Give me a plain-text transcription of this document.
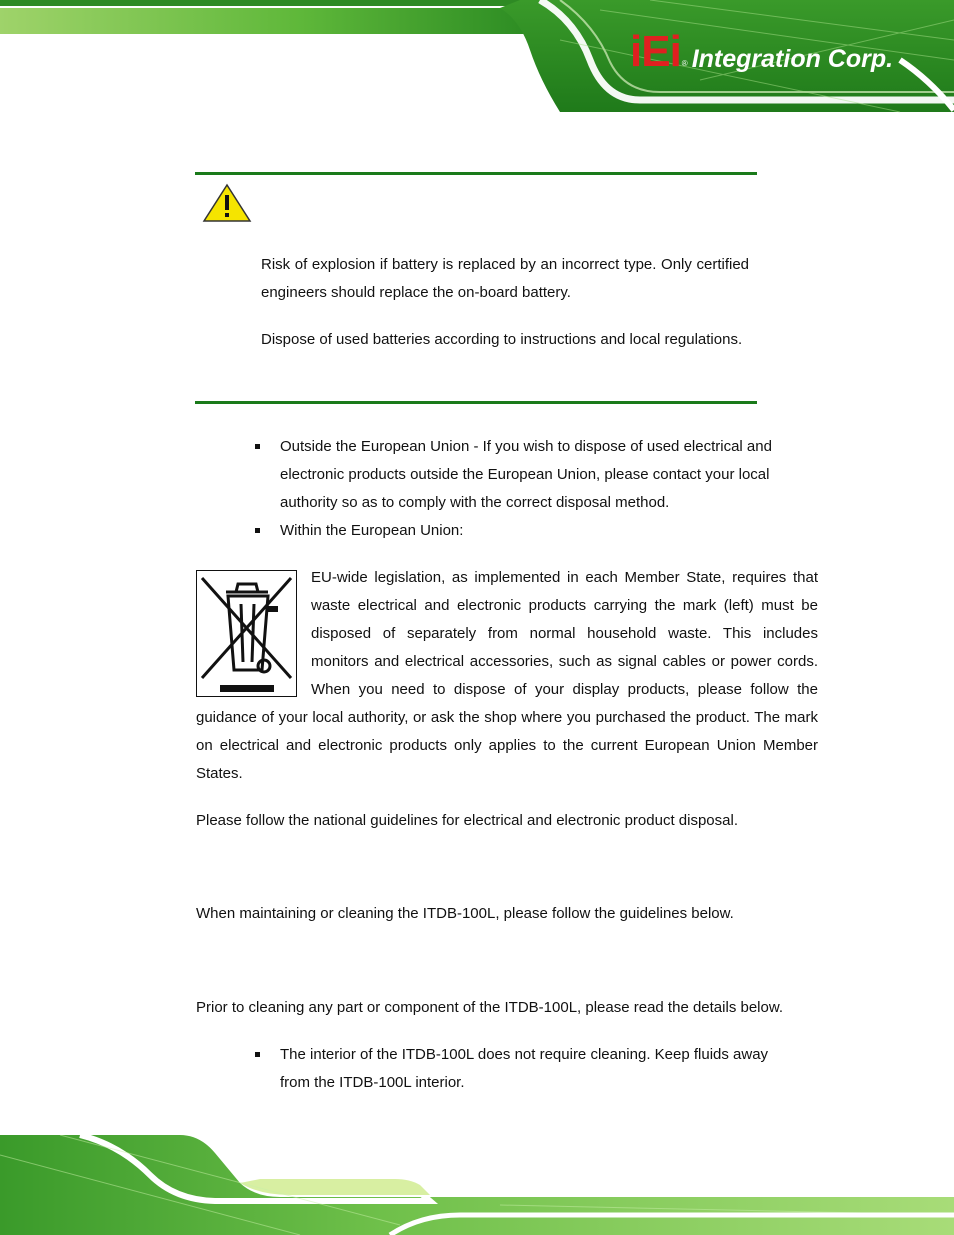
iEi ® Integration Corp.

Risk of explosion if battery is replaced by an incorrect type. Only certified engineers should replace the on-board battery.

Dispose of used batteries according to instructions and local regulations.

Outside the European Union - If you wish to dispose of used electrical and electronic products outside the European Union, please contact your local authority so as to comply with the correct disposal method.
Within the European Union:

EU-wide legislation, as implemented in each Member State, requires that waste electrical and electronic products carrying the mark (left) must be disposed of separately from normal household waste. This includes monitors and electrical accessories, such as signal cables or power cords. When you need to dispose of your display products, please follow the guidance of your local authority, or ask the shop where you purchased the product. The mark on electrical and electronic products only applies to the current European Union Member States.

Please follow the national guidelines for electrical and electronic product disposal.

When maintaining or cleaning the ITDB-100L, please follow the guidelines below.

Prior to cleaning any part or component of the ITDB-100L, please read the details below.

The interior of the ITDB-100L does not require cleaning. Keep fluids away from the ITDB-100L interior.
